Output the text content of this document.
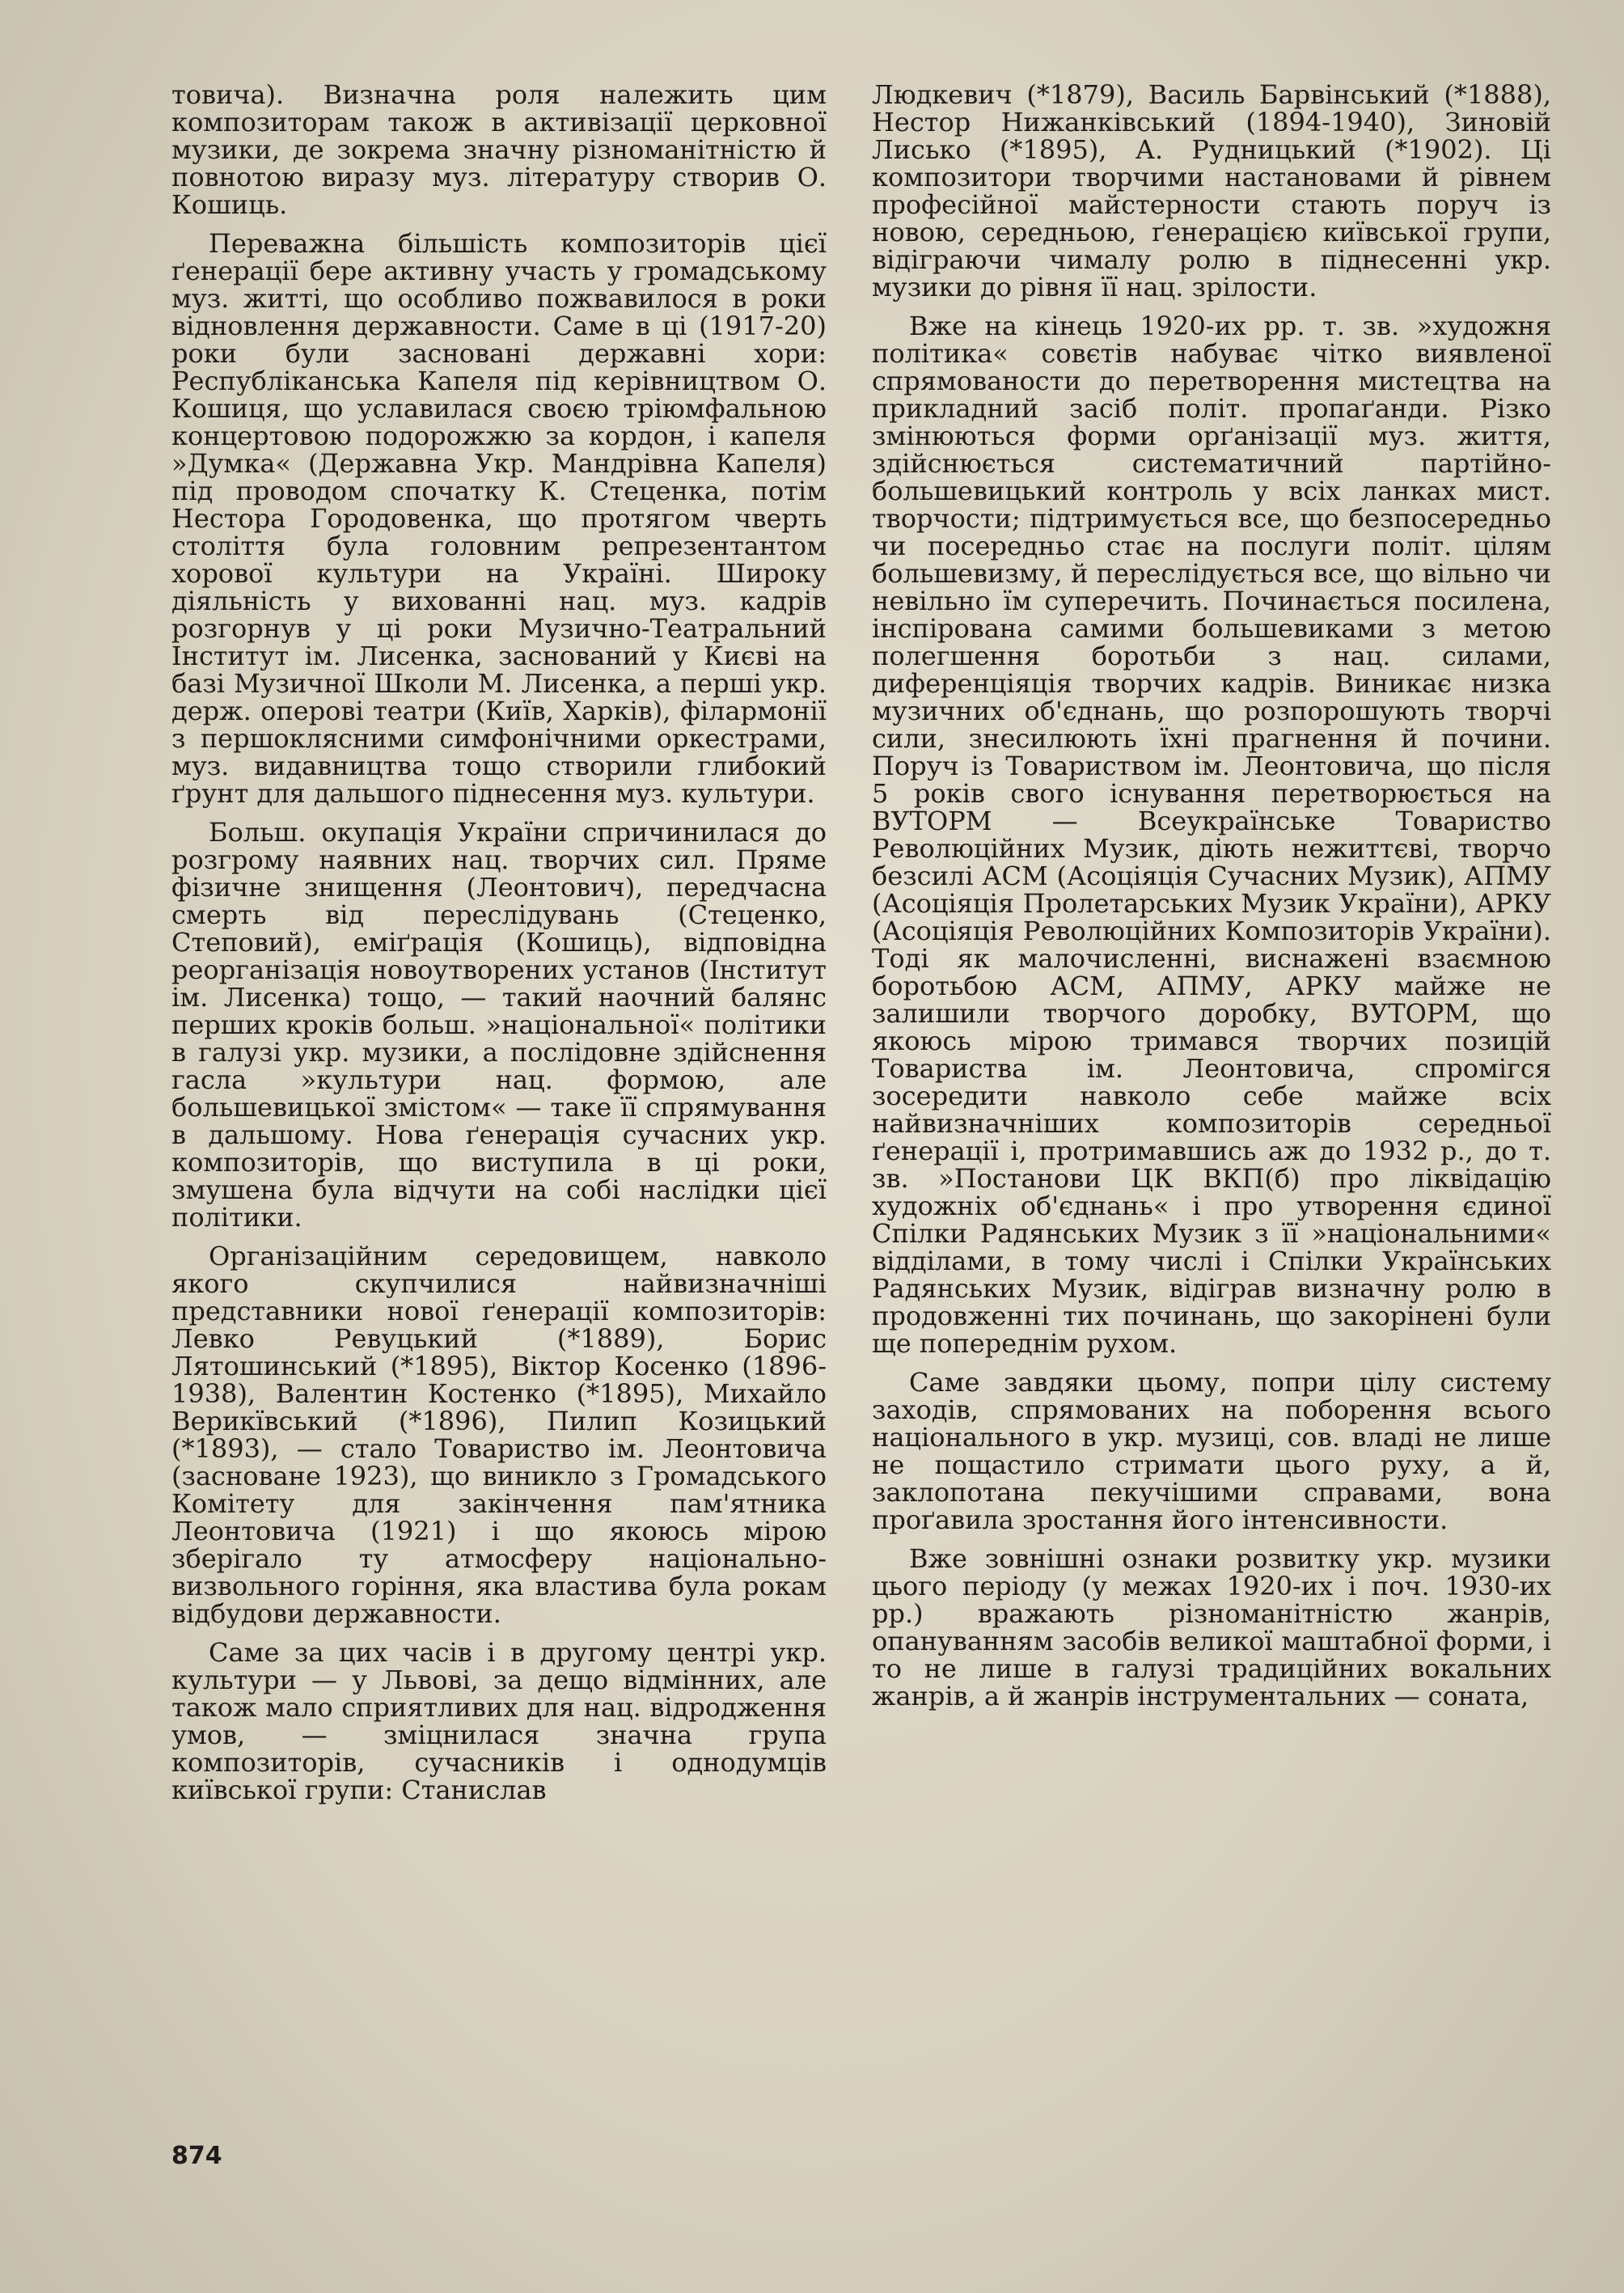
товича). Визначна роля належить цим композиторам також в активізації церковної музики, де зокрема значну різноманітністю й повнотою виразу муз. літературу створив О. Кошиць.

Переважна більшість композиторів цієї ґенерації бере активну участь у громадському муз. житті, що особливо пожвавилося в роки відновлення державности. Саме в ці (1917-20) роки були засновані державні хори: Республіканська Капеля під керівництвом О. Кошиця, що уславилася своєю тріюмфальною концертовою подорожжю за кордон, і капеля »Думка« (Державна Укр. Мандрівна Капеля) під проводом спочатку К. Стеценка, потім Нестора Городовенка, що протягом чверть століття була головним репрезентантом хорової культури на Україні. Широку діяльність у вихованні нац. муз. кадрів розгорнув у ці роки Музично-Театральний Інститут ім. Лисенка, заснований у Києві на базі Музичної Школи М. Лисенка, а перші укр. держ. оперові театри (Київ, Харків), філармонії з першоклясними симфонічними оркестрами, муз. видавництва тощо створили глибокий ґрунт для дальшого піднесення муз. культури.

Больш. окупація України спричинилася до розгрому наявних нац. творчих сил. Пряме фізичне знищення (Леонтович), передчасна смерть від переслідувань (Стеценко, Степовий), еміґрація (Кошиць), відповідна реорганізація новоутворених установ (Інститут ім. Лисенка) тощо, — такий наочний балянс перших кроків больш. »національної« політики в галузі укр. музики, а послідовне здійснення гасла »культури нац. формою, але большевицької змістом« — таке її спрямування в дальшому. Нова ґенерація сучасних укр. композиторів, що виступила в ці роки, змушена була відчути на собі наслідки цієї політики.

Організаційним середовищем, навколо якого скупчилися найвизначніші представники нової ґенерації композиторів: Левко Ревуцький (*1889), Борис Лятошинський (*1895), Віктор Косенко (1896-1938), Валентин Костенко (*1895), Михайло Верикївський (*1896), Пилип Козицький (*1893), — стало Товариство ім. Леонтовича (засноване 1923), що виникло з Громадського Комітету для закінчення пам'ятника Леонтовича (1921) і що якоюсь мірою зберігало ту атмосферу національно-визвольного горіння, яка властива була рокам відбудови державности.

Саме за цих часів і в другому центрі укр. культури — у Львові, за дещо відмінних, але також мало сприятливих для нац. відродження умов, — зміцнилася значна група композиторів, сучасників і однодумців київської групи: Станислав

Людкевич (*1879), Василь Барвінський (*1888), Нестор Нижанківський (1894-1940), Зиновій Лисько (*1895), А. Рудницький (*1902). Ці композитори творчими настановами й рівнем професійної майстерности стають поруч із новою, середньою, ґенерацією київської групи, відіграючи чималу ролю в піднесенні укр. музики до рівня її нац. зрілости.

Вже на кінець 1920-их рр. т. зв. »художня політика« совєтів набуває чітко виявленої спрямованости до перетворення мистецтва на прикладний засіб політ. пропаґанди. Різко змінюються форми орґанізації муз. життя, здійснюється систематичний партійно-большевицький контроль у всіх ланках мист. творчости; підтримується все, що безпосередньо чи посередньо стає на послуги політ. цілям большевизму, й переслідується все, що вільно чи невільно їм суперечить. Починається посилена, інспірована самими большевиками з метою полегшення боротьби з нац. силами, диференціяція творчих кадрів. Виникає низка музичних об'єднань, що розпорошують творчі сили, знесилюють їхні прагнення й почини. Поруч із Товариством ім. Леонтовича, що після 5 років свого існування перетворюється на ВУТОРМ — Всеукраїнське Товариство Революційних Музик, діють нежиттєві, творчо безсилі АСМ (Асоціяція Сучасних Музик), АПМУ (Асоціяція Пролетарських Музик України), АРКУ (Асоціяція Революційних Композиторів України). Тоді як малочисленні, виснажені взаємною боротьбою АСМ, АПМУ, АРКУ майже не залишили творчого доробку, ВУТОРМ, що якоюсь мірою тримався творчих позицій Товариства ім. Леонтовича, спромігся зосередити навколо себе майже всіх найвизначніших композиторів середньої ґенерації і, протримавшись аж до 1932 р., до т. зв. »Постанови ЦК ВКП(б) про ліквідацію художніх об'єднань« і про утворення єдиної Спілки Радянських Музик з її »національними« відділами, в тому числі і Спілки Українських Радянських Музик, відіграв визначну ролю в продовженні тих починань, що закорінені були ще попереднім рухом.

Саме завдяки цьому, попри цілу систему заходів, спрямованих на поборення всього національного в укр. музиці, сов. владі не лише не пощастило стримати цього руху, а й, заклопотана пекучішими справами, вона проґавила зростання його інтенсивности.

Вже зовнішні ознаки розвитку укр. музики цього періоду (у межах 1920-их і поч. 1930-их рр.) вражають різноманітністю жанрів, опануванням засобів великої маштабної форми, і то не лише в галузі традиційних вокальних жанрів, а й жанрів інструментальних — соната,

874
